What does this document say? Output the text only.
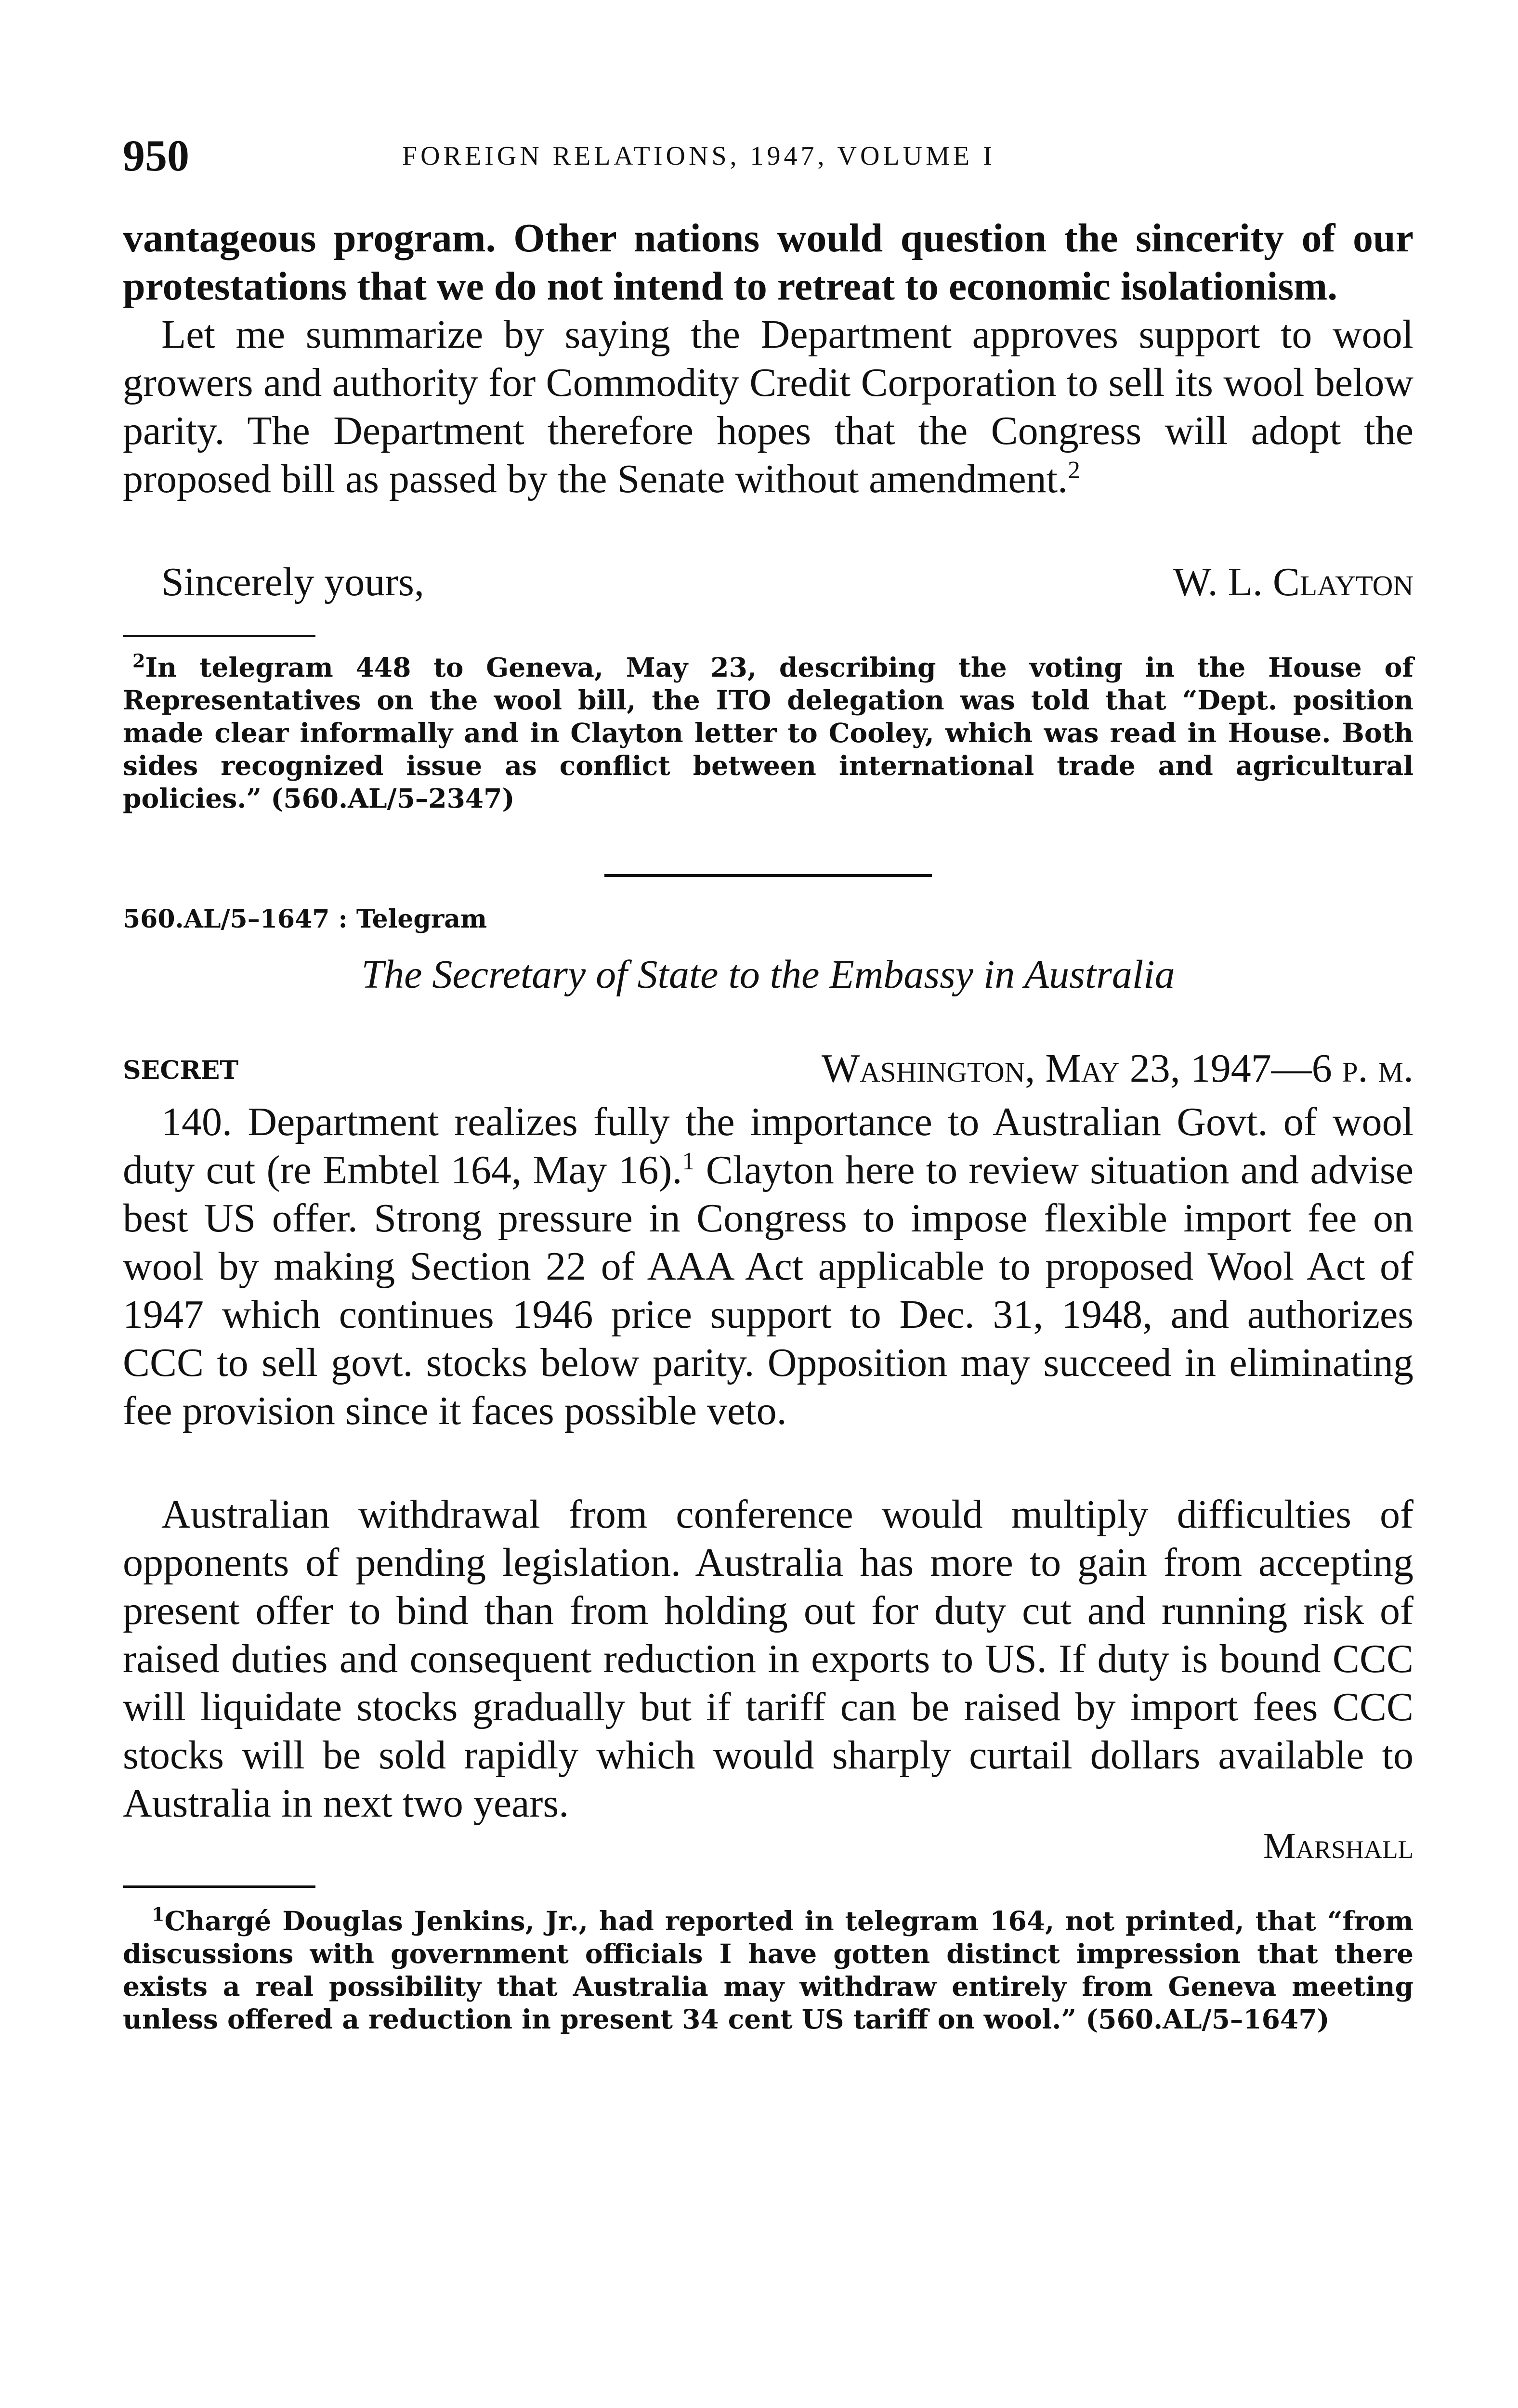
950	FOREIGN RELATIONS, 1947, VOLUME I

vantageous program. Other nations would question the sincerity of our protestations that we do not intend to retreat to economic isolationism.

Let me summarize by saying the Department approves support to wool growers and authority for Commodity Credit Corporation to sell its wool below parity. The Department therefore hopes that the Congress will adopt the proposed bill as passed by the Senate without amendment.$^2$

Sincerely yours,	W. L. Clayton

$^2$In telegram 448 to Geneva, May 23, describing the voting in the House of Representatives on the wool bill, the ITO delegation was told that “Dept. position made clear informally and in Clayton letter to Cooley, which was read in House. Both sides recognized issue as conflict between international trade and agricultural policies.” (560.AL/5–2347)

560.AL/5–1647 : Telegram
The Secretary of State to the Embassy in Australia
SECRET	Washington, May 23, 1947—6 p. m.

140. Department realizes fully the importance to Australian Govt. of wool duty cut (re Embtel 164, May 16).$^1$ Clayton here to review situation and advise best US offer. Strong pressure in Congress to impose flexible import fee on wool by making Section 22 of AAA Act applicable to proposed Wool Act of 1947 which continues 1946 price support to Dec. 31, 1948, and authorizes CCC to sell govt. stocks below parity. Opposition may succeed in eliminating fee provision since it faces possible veto.

Australian withdrawal from conference would multiply difficulties of opponents of pending legislation. Australia has more to gain from accepting present offer to bind than from holding out for duty cut and running risk of raised duties and consequent reduction in exports to US. If duty is bound CCC will liquidate stocks gradually but if tariff can be raised by import fees CCC stocks will be sold rapidly which would sharply curtail dollars available to Australia in next two years.

Marshall

$^1$Chargé Douglas Jenkins, Jr., had reported in telegram 164, not printed, that “from discussions with government officials I have gotten distinct impression that there exists a real possibility that Australia may withdraw entirely from Geneva meeting unless offered a reduction in present 34 cent US tariff on wool.” (560.AL/5–1647)
